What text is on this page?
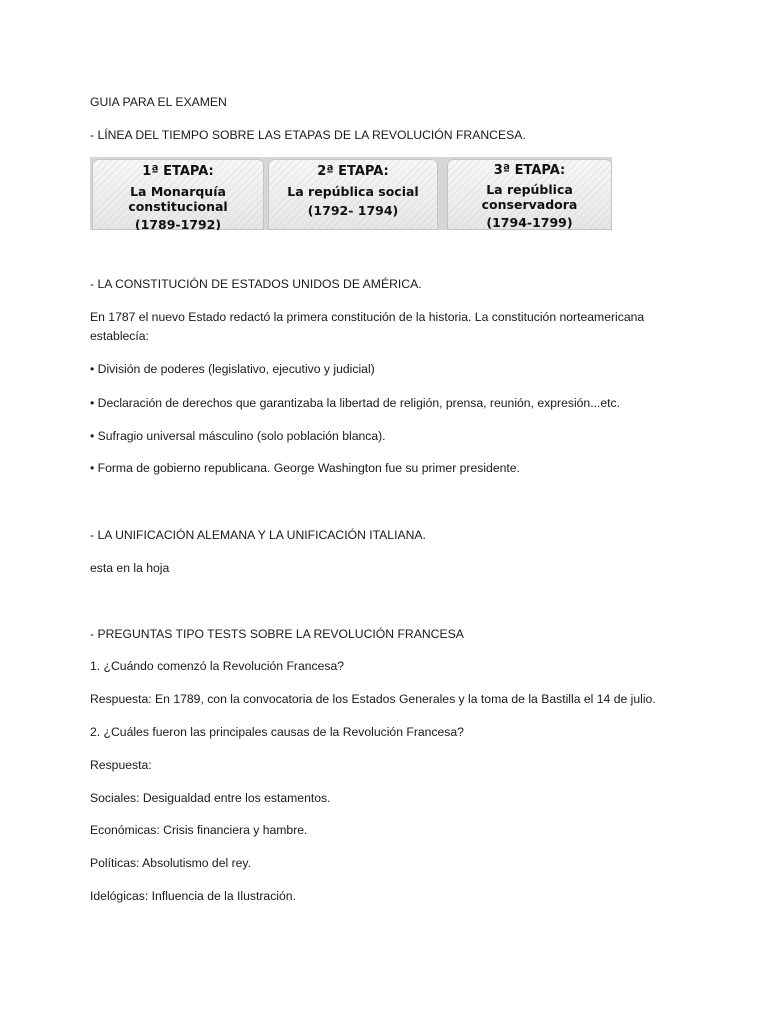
GUIA PARA EL EXAMEN
- LÍNEA DEL TIEMPO SOBRE LAS ETAPAS DE LA REVOLUCIÓN FRANCESA.
1ª ETAPA:
La Monarquía
constitucional
(1789-1792)
2ª ETAPA:
La república social
(1792- 1794)
3ª ETAPA:
La república
conservadora
(1794-1799)
- LA CONSTITUCIÓN DE ESTADOS UNIDOS DE AMÉRICA.
En 1787 el nuevo Estado redactó la primera constitución de la historia. La constitución norteamericana
establecía:
• División de poderes (legislativo, ejecutivo y judicial)
• Declaración de derechos que garantizaba la libertad de religión, prensa, reunión, expresión...etc.
• Sufragio universal másculino (solo población blanca).
• Forma de gobierno republicana. George Washington fue su primer presidente.
- LA UNIFICACIÓN ALEMANA Y LA UNIFICACIÓN ITALIANA.
esta en la hoja
- PREGUNTAS TIPO TESTS SOBRE LA REVOLUCIÓN FRANCESA
1. ¿Cuándo comenzó la Revolución Francesa?
Respuesta: En 1789, con la convocatoria de los Estados Generales y la toma de la Bastilla el 14 de julio.
2. ¿Cuáles fueron las principales causas de la Revolución Francesa?
Respuesta:
Sociales: Desigualdad entre los estamentos.
Económicas: Crisis financiera y hambre.
Políticas: Absolutismo del rey.
Idelógicas: Influencia de la Ilustración.
